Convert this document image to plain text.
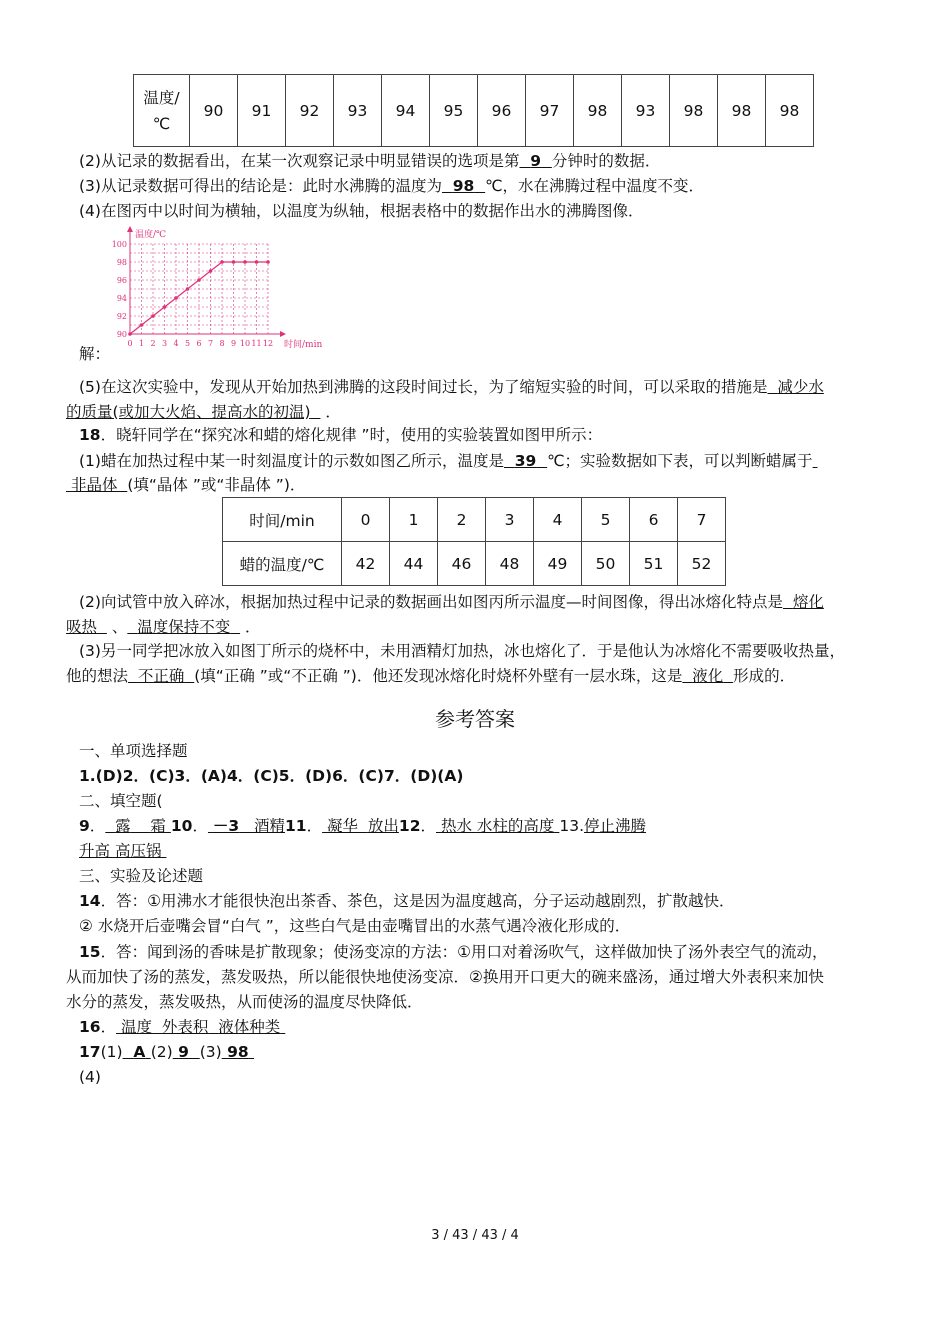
温度/
℃	90	91	92	93	94	95	96	97	98	93	98	98	98
(2)从记录的数据看出，在某一次观察记录中明显错误的选项是第 9 分钟时的数据．
(3)从记录数据可得出的结论是：此时水沸腾的温度为 98 ℃，水在沸腾过程中温度不变．
(4)在图丙中以时间为横轴，以温度为纵轴，根据表格中的数据作出水的沸腾图像．
解：
温度/℃
时间/min
0 1 2 3 4 5 6 7 8 9 10 11 12
90
92
94
96
98
100
(5)在这次实验中，发现从开始加热到沸腾的这段时间过长，为了缩短实验的时间，可以采取的措施是 减少水
的质量(或加大火焰、提高水的初温) ．
18．晓轩同学在“探究冰和蜡的熔化规律 ”时，使用的实验装置如图甲所示：
(1)蜡在加热过程中某一时刻温度计的示数如图乙所示，温度是 39 ℃；实验数据如下表，可以判断蜡属于
非晶体 (填“晶体 ”或“非晶体 ”)．
时间/min	0	1	2	3	4	5	6	7
蜡的温度/℃	42	44	46	48	49	50	51	52
(2)向试管中放入碎冰，根据加热过程中记录的数据画出如图丙所示温度—时间图像，得出冰熔化特点是 熔化
吸热 、 温度保持不变 ．
(3)另一同学把冰放入如图丁所示的烧杯中，未用酒精灯加热，冰也熔化了．于是他认为冰熔化不需要吸收热量，
他的想法 不正确 (填“正确 ”或“不正确 ”)．他还发现冰熔化时烧杯外壁有一层水珠，这是 液化 形成的．
参考答案
一、单项选择题
1.(D)2．(C)3．(A)4．(C)5．(D)6．(C)7．(D)(A)
二、填空题(
9． 露 霜 10． －3 酒精11． 凝华 放出12． 热水 水柱的高度 13.停止沸腾
升高 高压锅
三、实验及论述题
14．答：①用沸水才能很快泡出茶香、茶色，这是因为温度越高，分子运动越剧烈，扩散越快．
② 水烧开后壶嘴会冒“白气 ”，这些白气是由壶嘴冒出的水蒸气遇冷液化形成的．
15．答：闻到汤的香味是扩散现象；使汤变凉的方法：①用口对着汤吹气，这样做加快了汤外表空气的流动，
从而加快了汤的蒸发，蒸发吸热，所以能很快地使汤变凉．②换用开口更大的碗来盛汤，通过增大外表积来加快
水分的蒸发，蒸发吸热，从而使汤的温度尽快降低．
16． 温度 外表积 液体种类
17(1) A (2) 9 (3) 98
(4)
3 / 43 / 43 / 4
